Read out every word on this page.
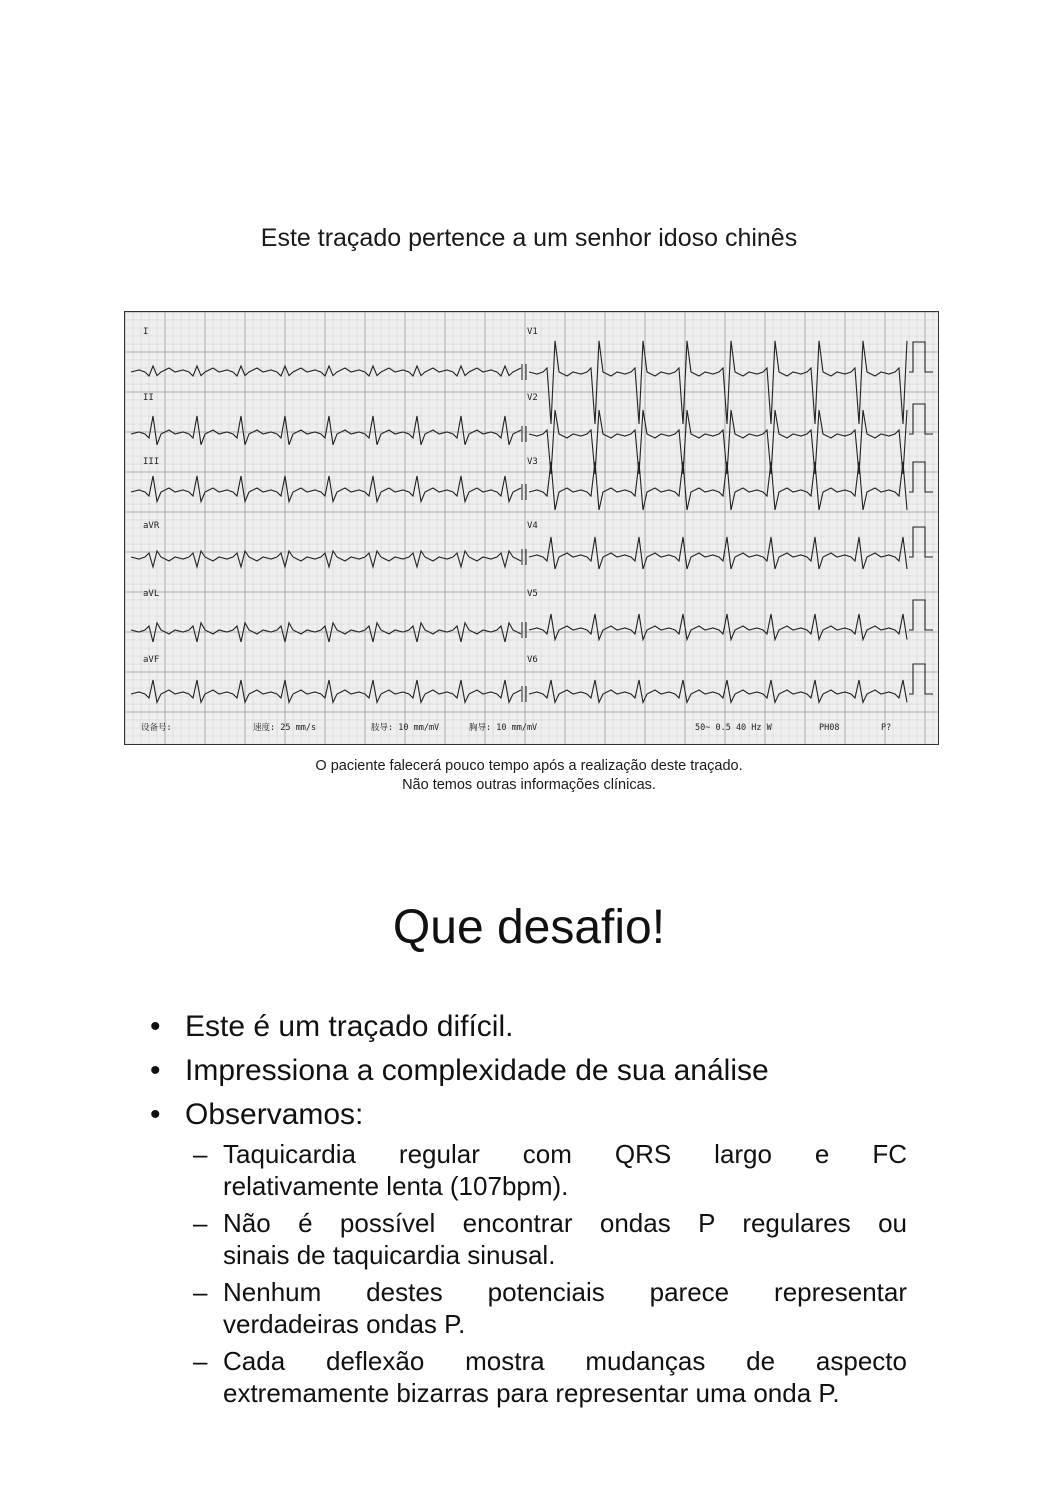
Este traçado pertence a um senhor idoso chinês
I	V1
II	V2
III	V3
aVR	V4
aVL	V5
aVF	V6
设备号:	速度: 25 mm/s	肢导: 10 mm/mV	胸导: 10 mm/mV	50~ 0.5 40 Hz W	PH08	P?
O paciente falecerá pouco tempo após a realização deste traçado.
Não temos outras informações clínicas.
Que desafio!
• Este é um traçado difícil.
• Impressiona a complexidade de sua análise
• Observamos:
– Taquicardia regular com QRS largo e FC
relativamente lenta (107bpm).
– Não é possível encontrar ondas P regulares ou
sinais de taquicardia sinusal.
– Nenhum destes potenciais parece representar
verdadeiras ondas P.
– Cada deflexão mostra mudanças de aspecto
extremamente bizarras para representar uma onda P.
